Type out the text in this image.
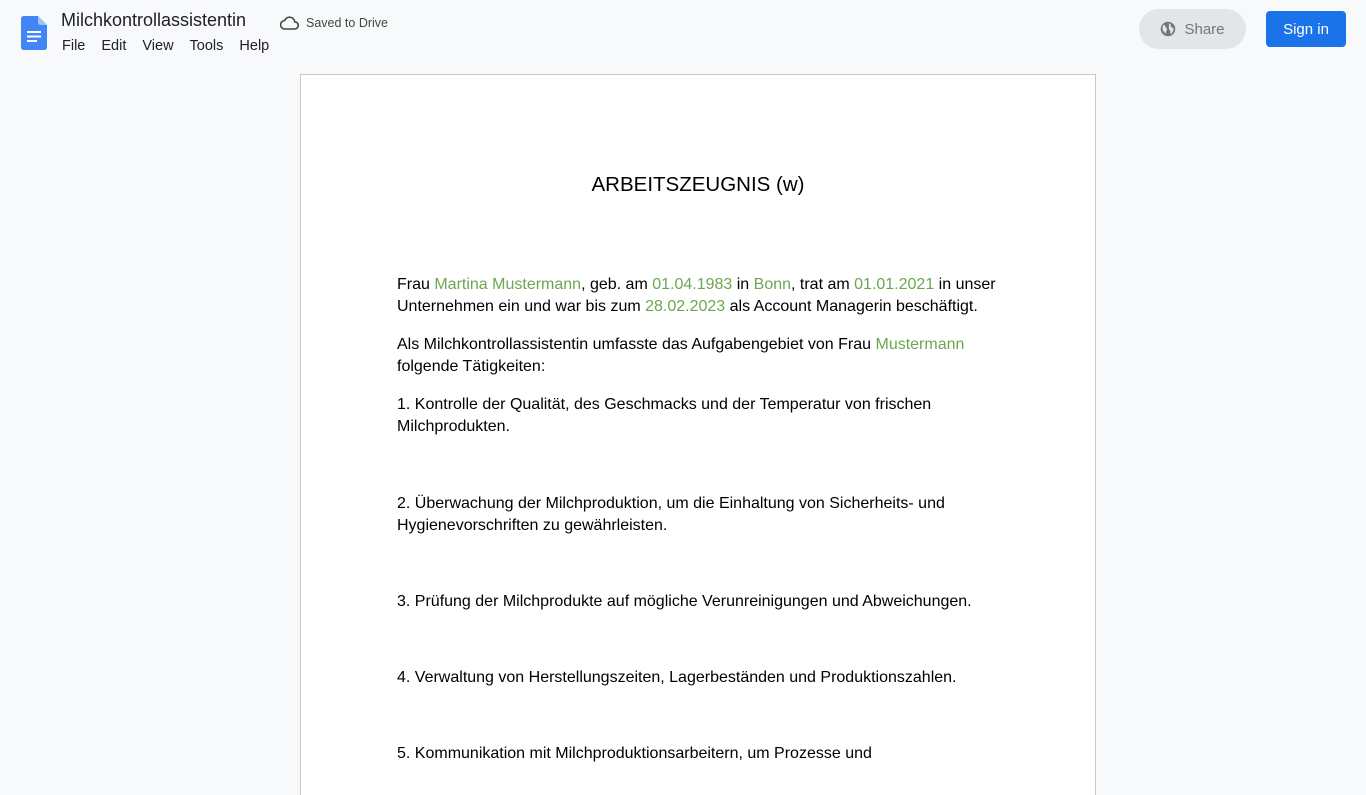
Milchkontrollassistentin	Saved to Drive
File	Edit	View	Tools	Help
Share	Sign in
ARBEITSZEUGNIS (w)
Frau Martina Mustermann, geb. am 01.04.1983 in Bonn, trat am 01.01.2021 in unser Unternehmen ein und war bis zum 28.02.2023 als Account Managerin beschäftigt.
Als Milchkontrollassistentin umfasste das Aufgabengebiet von Frau Mustermann folgende Tätigkeiten:
1. Kontrolle der Qualität, des Geschmacks und der Temperatur von frischen Milchprodukten.
2. Überwachung der Milchproduktion, um die Einhaltung von Sicherheits- und Hygienevorschriften zu gewährleisten.
3. Prüfung der Milchprodukte auf mögliche Verunreinigungen und Abweichungen.
4. Verwaltung von Herstellungszeiten, Lagerbeständen und Produktionszahlen.
5. Kommunikation mit Milchproduktionsarbeitern, um Prozesse und
